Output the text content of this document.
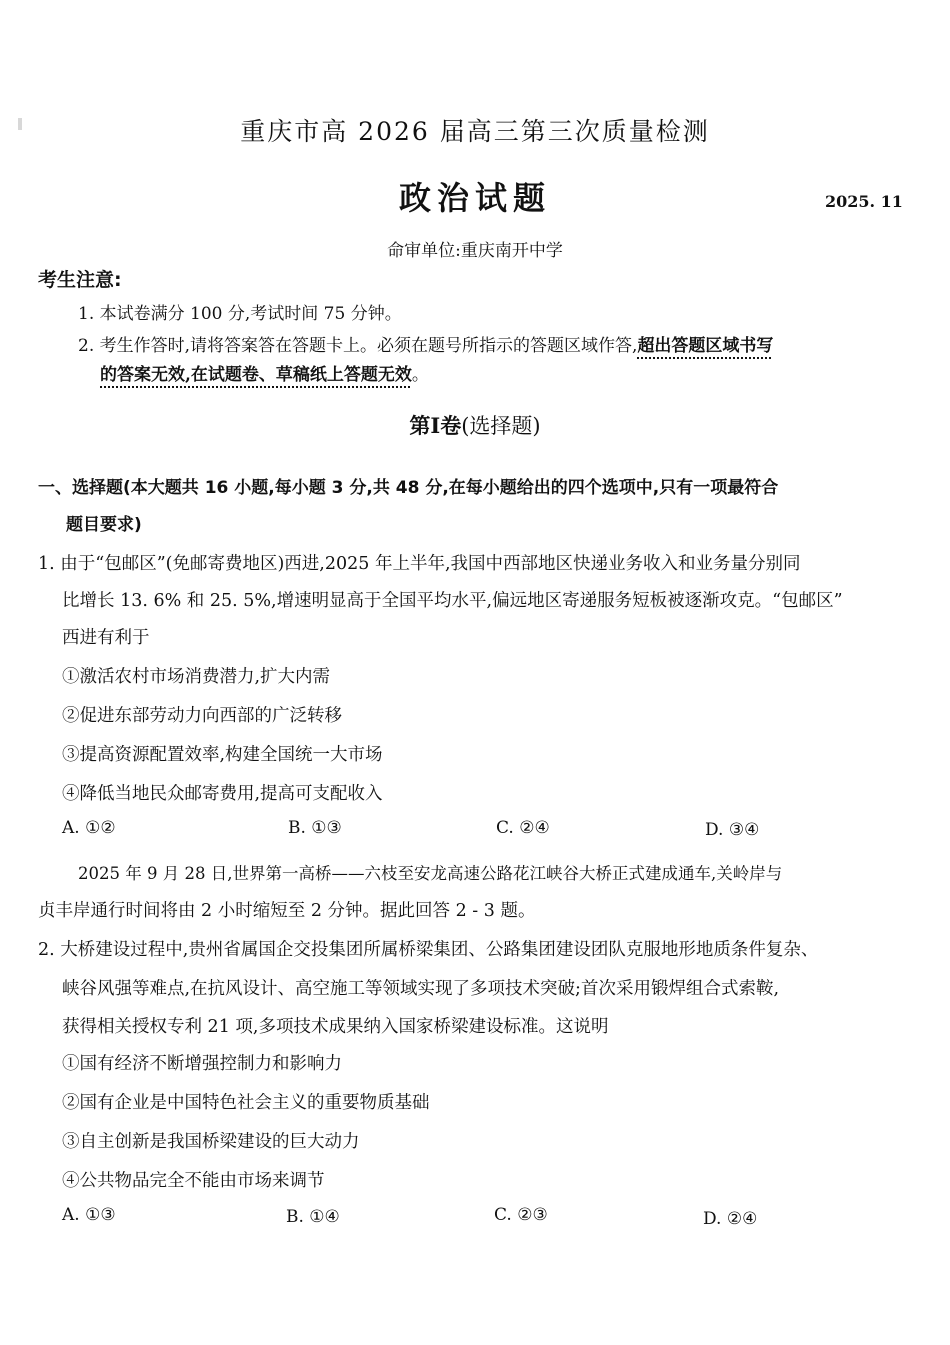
重庆市高 2026 届高三第三次质量检测
政治试题	2025. 11
命审单位:重庆南开中学
考生注意:
1. 本试卷满分 100 分,考试时间 75 分钟。
2. 考生作答时,请将答案答在答题卡上。必须在题号所指示的答题区域作答,超出答题区域书写
的答案无效,在试题卷、草稿纸上答题无效。
第Ⅰ卷(选择题)
一、选择题(本大题共 16 小题,每小题 3 分,共 48 分,在每小题给出的四个选项中,只有一项最符合
题目要求)
1. 由于“包邮区”(免邮寄费地区)西进,2025 年上半年,我国中西部地区快递业务收入和业务量分别同
比增长 13. 6% 和 25. 5%,增速明显高于全国平均水平,偏远地区寄递服务短板被逐渐攻克。“包邮区”
西进有利于
①激活农村市场消费潜力,扩大内需
②促进东部劳动力向西部的广泛转移
③提高资源配置效率,构建全国统一大市场
④降低当地民众邮寄费用,提高可支配收入
A. ①②	B. ①③	C. ②④	D. ③④
2025 年 9 月 28 日,世界第一高桥——六枝至安龙高速公路花江峡谷大桥正式建成通车,关岭岸与
贞丰岸通行时间将由 2 小时缩短至 2 分钟。据此回答 2 - 3 题。
2. 大桥建设过程中,贵州省属国企交投集团所属桥梁集团、公路集团建设团队克服地形地质条件复杂、
峡谷风强等难点,在抗风设计、高空施工等领域实现了多项技术突破;首次采用锻焊组合式索鞍,
获得相关授权专利 21 项,多项技术成果纳入国家桥梁建设标准。这说明
①国有经济不断增强控制力和影响力
②国有企业是中国特色社会主义的重要物质基础
③自主创新是我国桥梁建设的巨大动力
④公共物品完全不能由市场来调节
A. ①③	B. ①④	C. ②③	D. ②④
